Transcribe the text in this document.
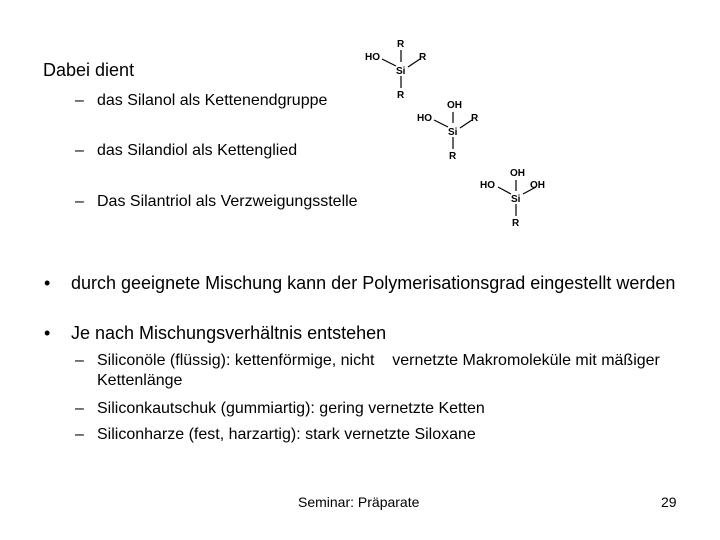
Dabei dient
– das Silanol als Kettenendgruppe
– das Silandiol als Kettenglied
– Das Silantriol als Verzweigungsstelle
R
HO	R
Si
R
OH
HO	R
Si
R
OH
HO	OH
Si
R
• durch geeignete Mischung kann der Polymerisationsgrad eingestellt werden
• Je nach Mischungsverhältnis entstehen
– Siliconöle (flüssig): kettenförmige, nicht    vernetzte Makromoleküle mit mäßiger Kettenlänge
– Siliconkautschuk (gummiartig): gering vernetzte Ketten
– Siliconharze (fest, harzartig): stark vernetzte Siloxane
Seminar: Präparate	29
